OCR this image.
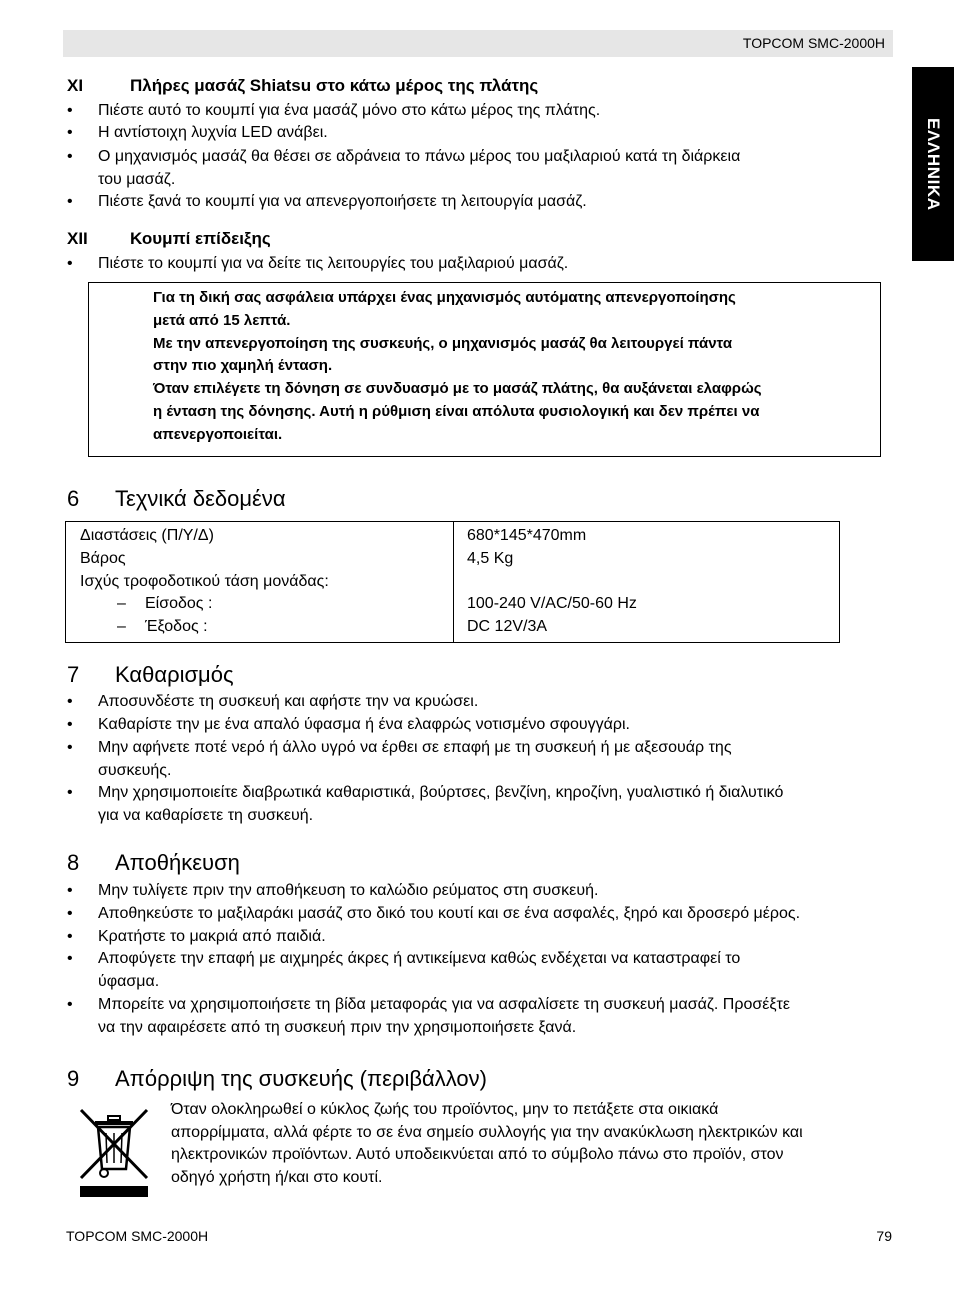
TOPCOM SMC-2000H
ΕΛΛΗΝΙΚΑ
XI	Πλήρες μασάζ Shiatsu στο κάτω μέρος της πλάτης
• Πιέστε αυτό το κουμπί για ένα μασάζ μόνο στο κάτω μέρος της πλάτης.
• Η αντίστοιχη λυχνία LED ανάβει.
• Ο μηχανισμός μασάζ θα θέσει σε αδράνεια το πάνω μέρος του μαξιλαριού κατά τη διάρκεια
του μασάζ.
• Πιέστε ξανά το κουμπί για να απενεργοποιήσετε τη λειτουργία μασάζ.
XII Κουμπί επίδειξης
• Πιέστε το κουμπί για να δείτε τις λειτουργίες του μαξιλαριού μασάζ.
Για τη δική σας ασφάλεια υπάρχει ένας μηχανισμός αυτόματης απενεργοποίησης
μετά από 15 λεπτά.
Με την απενεργοποίηση της συσκευής, ο μηχανισμός μασάζ θα λειτουργεί πάντα
στην πιο χαμηλή ένταση.
Όταν επιλέγετε τη δόνηση σε συνδυασμό με το μασάζ πλάτης, θα αυξάνεται ελαφρώς
η ένταση της δόνησης. Αυτή η ρύθμιση είναι απόλυτα φυσιολογική και δεν πρέπει να
απενεργοποιείται.
6 Τεχνικά δεδομένα
Διαστάσεις (Π/Υ/Δ)
Βάρος
Ισχύς τροφοδοτικού τάση μονάδας:
– Είσοδος :
– Έξοδος :
680*145*470mm
4,5 Kg
100-240 V/AC/50-60 Hz
DC 12V/3A
7 Καθαρισμός
• Αποσυνδέστε τη συσκευή και αφήστε την να κρυώσει.
• Καθαρίστε την με ένα απαλό ύφασμα ή ένα ελαφρώς νοτισμένο σφουγγάρι.
• Μην αφήνετε ποτέ νερό ή άλλο υγρό να έρθει σε επαφή με τη συσκευή ή με αξεσουάρ της
συσκευής.
• Μην χρησιμοποιείτε διαβρωτικά καθαριστικά, βούρτσες, βενζίνη, κηροζίνη, γυαλιστικό ή διαλυτικό
για να καθαρίσετε τη συσκευή.
8 Αποθήκευση
• Μην τυλίγετε πριν την αποθήκευση το καλώδιο ρεύματος στη συσκευή.
• Αποθηκεύστε το μαξιλαράκι μασάζ στο δικό του κουτί και σε ένα ασφαλές, ξηρό και δροσερό μέρος.
• Κρατήστε το μακριά από παιδιά.
• Αποφύγετε την επαφή με αιχμηρές άκρες ή αντικείμενα καθώς ενδέχεται να καταστραφεί το
ύφασμα.
• Μπορείτε να χρησιμοποιήσετε τη βίδα μεταφοράς για να ασφαλίσετε τη συσκευή μασάζ. Προσέξτε
να την αφαιρέσετε από τη συσκευή πριν την χρησιμοποιήσετε ξανά.
9 Απόρριψη της συσκευής (περιβάλλον)
Όταν ολοκληρωθεί ο κύκλος ζωής του προϊόντος, μην το πετάξετε στα οικιακά
απορρίμματα, αλλά φέρτε το σε ένα σημείο συλλογής για την ανακύκλωση ηλεκτρικών και
ηλεκτρονικών προϊόντων. Αυτό υποδεικνύεται από το σύμβολο πάνω στο προϊόν, στον
οδηγό χρήστη ή/και στο κουτί.
TOPCOM SMC-2000H	79
